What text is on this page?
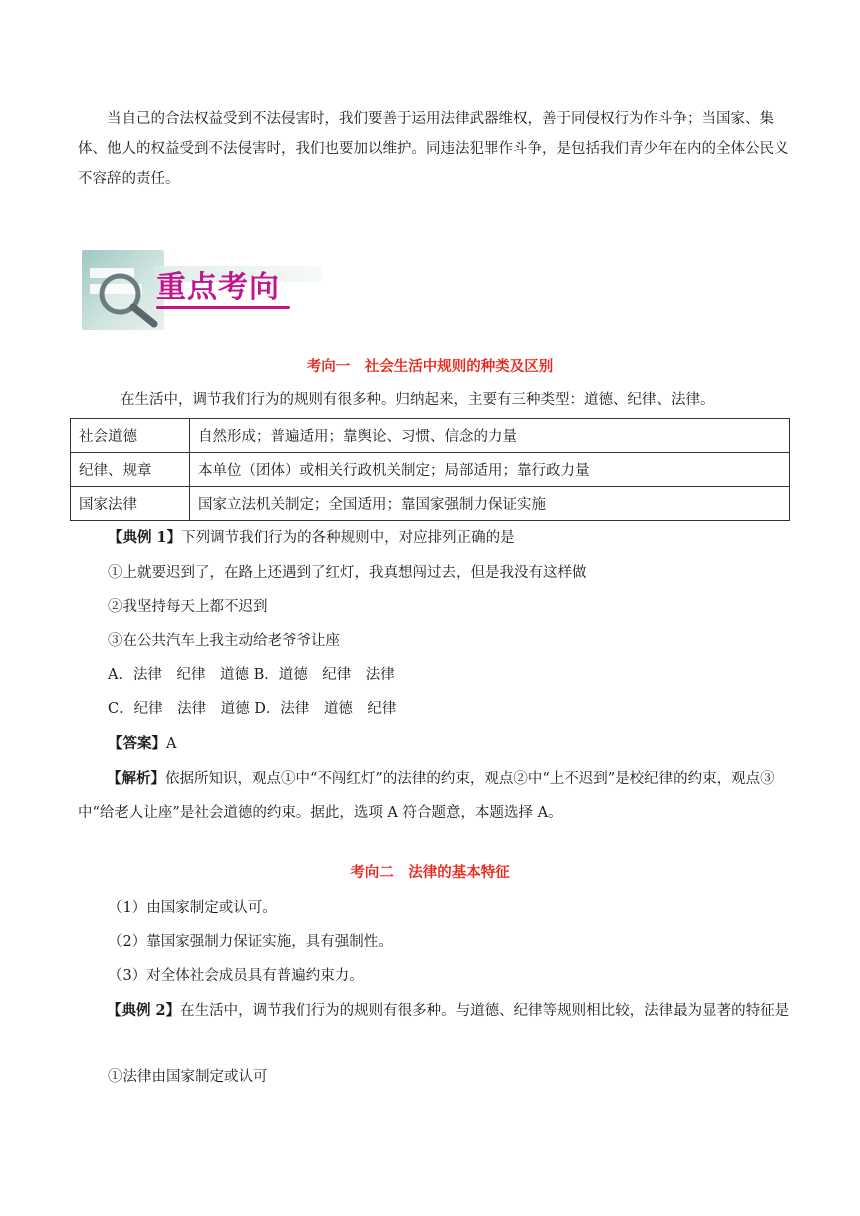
当自己的合法权益受到不法侵害时，我们要善于运用法律武器维权，善于同侵权行为作斗争；当国家、集体、他人的权益受到不法侵害时，我们也要加以维护。同违法犯罪作斗争，是包括我们青少年在内的全体公民义不容辞的责任。

重点考向

考向一　社会生活中规则的种类及区别

在生活中，调节我们行为的规则有很多种。归纳起来，主要有三种类型：道德、纪律、法律。

社会道德	自然形成；普遍适用；靠舆论、习惯、信念的力量
纪律、规章	本单位（团体）或相关行政机关制定；局部适用；靠行政力量
国家法律	国家立法机关制定；全国适用；靠国家强制力保证实施

【典例 1】下列调节我们行为的各种规则中，对应排列正确的是

①上就要迟到了，在路上还遇到了红灯，我真想闯过去，但是我没有这样做

②我坚持每天上都不迟到

③在公共汽车上我主动给老爷爷让座

A．法律　纪律　道德 B．道德　纪律　法律

C．纪律　法律　道德 D．法律　道德　纪律

【答案】A

【解析】依据所知识，观点①中“不闯红灯”的法律的约束，观点②中“上不迟到”是校纪律的约束，观点③中“给老人让座”是社会道德的约束。据此，选项 A 符合题意，本题选择 A。

考向二　法律的基本特征

（1）由国家制定或认可。

（2）靠国家强制力保证实施，具有强制性。

（3）对全体社会成员具有普遍约束力。

【典例 2】在生活中，调节我们行为的规则有很多种。与道德、纪律等规则相比较，法律最为显著的特征是

①法律由国家制定或认可
